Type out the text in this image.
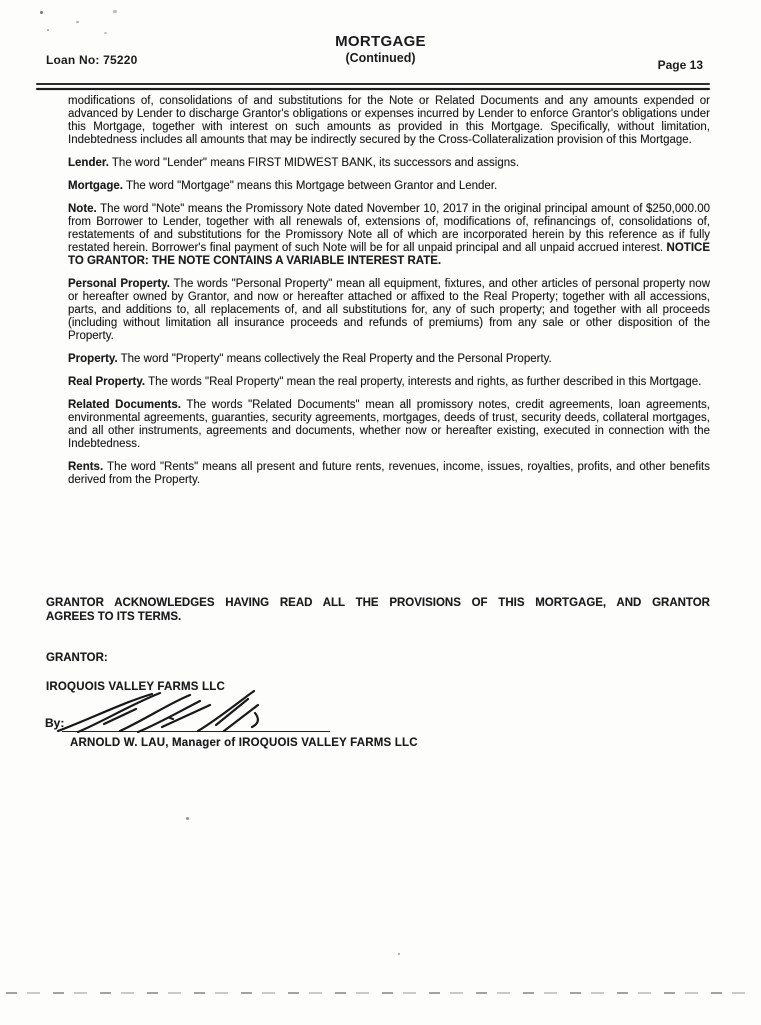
Loan No: 75220
MORTGAGE
(Continued)	Page 13

modifications of, consolidations of and substitutions for the Note or Related Documents and any amounts expended or advanced by Lender to discharge Grantor's obligations or expenses incurred by Lender to enforce Grantor's obligations under this Mortgage, together with interest on such amounts as provided in this Mortgage. Specifically, without limitation, Indebtedness includes all amounts that may be indirectly secured by the Cross-Collateralization provision of this Mortgage.

Lender. The word "Lender" means FIRST MIDWEST BANK, its successors and assigns.

Mortgage. The word "Mortgage" means this Mortgage between Grantor and Lender.

Note. The word "Note" means the Promissory Note dated November 10, 2017 in the original principal amount of $250,000.00 from Borrower to Lender, together with all renewals of, extensions of, modifications of, refinancings of, consolidations of, restatements of and substitutions for the Promissory Note all of which are incorporated herein by this reference as if fully restated herein. Borrower's final payment of such Note will be for all unpaid principal and all unpaid accrued interest. NOTICE TO GRANTOR: THE NOTE CONTAINS A VARIABLE INTEREST RATE.

Personal Property. The words "Personal Property" mean all equipment, fixtures, and other articles of personal property now or hereafter owned by Grantor, and now or hereafter attached or affixed to the Real Property; together with all accessions, parts, and additions to, all replacements of, and all substitutions for, any of such property; and together with all proceeds (including without limitation all insurance proceeds and refunds of premiums) from any sale or other disposition of the Property.

Property. The word "Property" means collectively the Real Property and the Personal Property.

Real Property. The words "Real Property" mean the real property, interests and rights, as further described in this Mortgage.

Related Documents. The words "Related Documents" mean all promissory notes, credit agreements, loan agreements, environmental agreements, guaranties, security agreements, mortgages, deeds of trust, security deeds, collateral mortgages, and all other instruments, agreements and documents, whether now or hereafter existing, executed in connection with the Indebtedness.

Rents. The word "Rents" means all present and future rents, revenues, income, issues, royalties, profits, and other benefits derived from the Property.

GRANTOR ACKNOWLEDGES HAVING READ ALL THE PROVISIONS OF THIS MORTGAGE, AND GRANTOR
AGREES TO ITS TERMS.
GRANTOR:
IROQUOIS VALLEY FARMS LLC
By:
ARNOLD W. LAU, Manager of IROQUOIS VALLEY FARMS LLC
